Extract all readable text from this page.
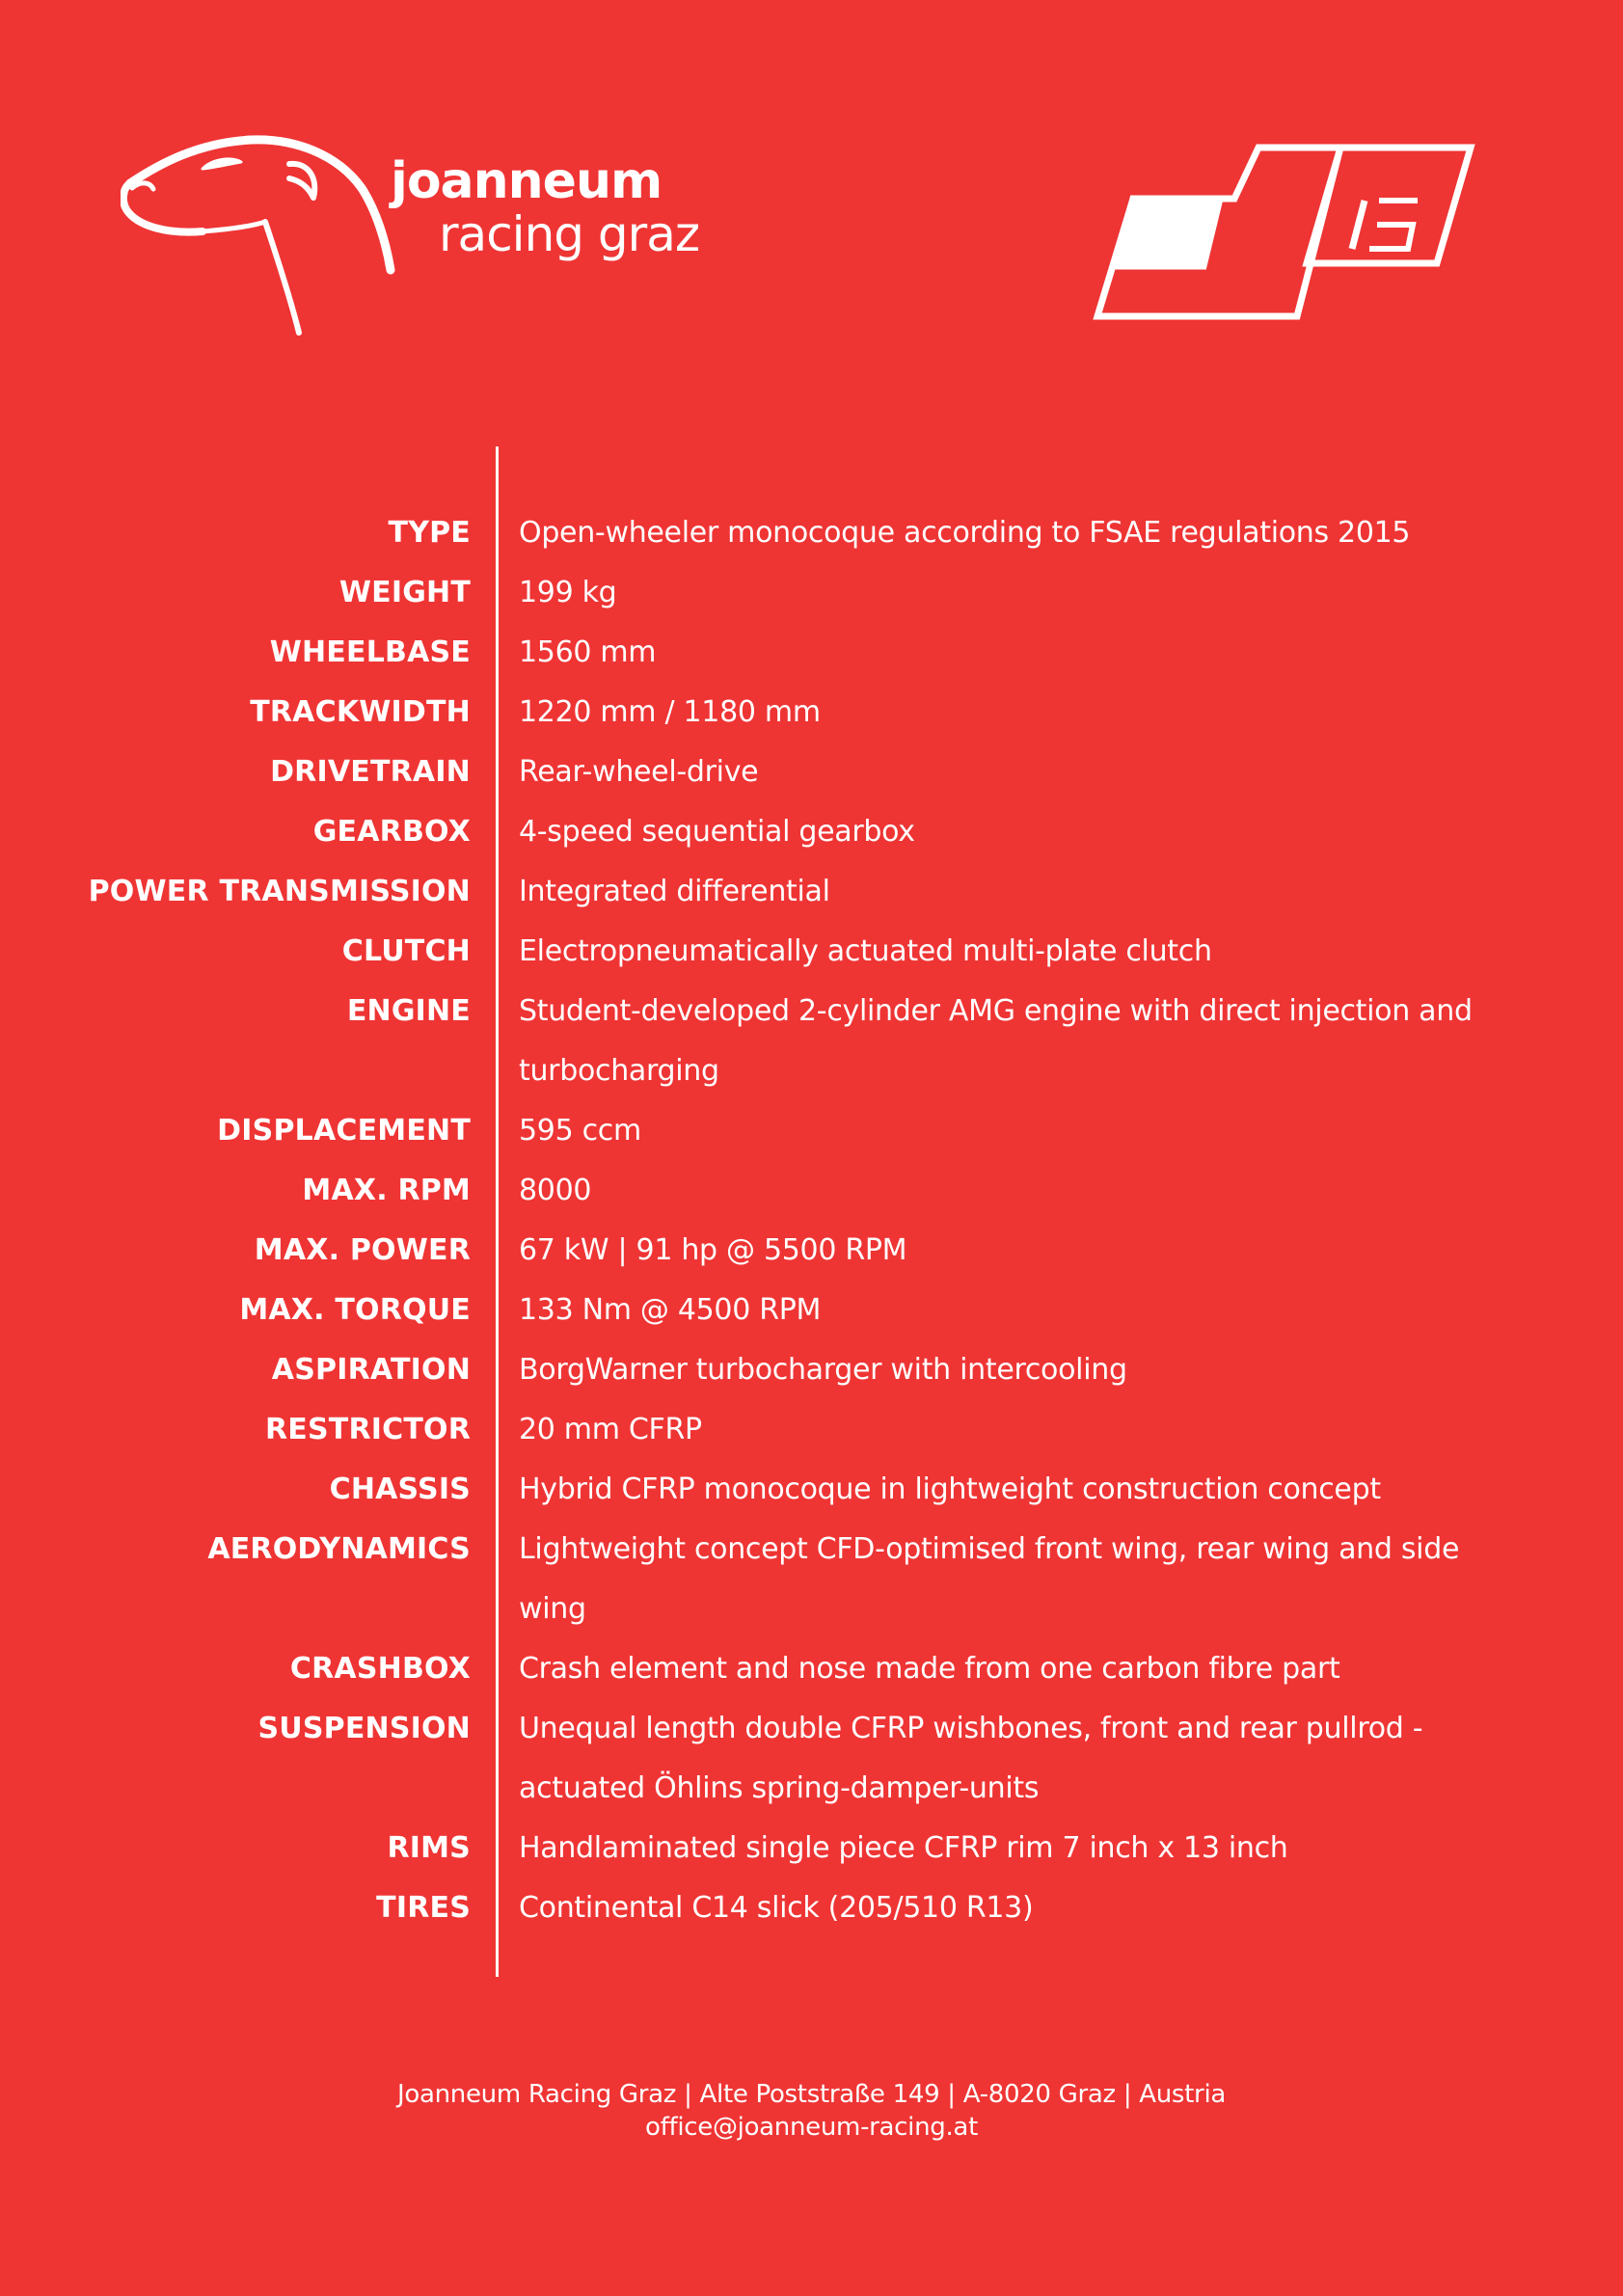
joanneum
racing graz
TYPE Open-wheeler monocoque according to FSAE regulations 2015
WEIGHT 199 kg
WHEELBASE 1560 mm
TRACKWIDTH 1220 mm / 1180 mm
DRIVETRAIN Rear-wheel-drive
GEARBOX 4-speed sequential gearbox
POWER TRANSMISSION Integrated differential
CLUTCH Electropneumatically actuated multi-plate clutch
ENGINE Student-developed 2-cylinder AMG engine with direct injection and turbocharging
DISPLACEMENT 595 ccm
MAX. RPM 8000
MAX. POWER 67 kW | 91 hp @ 5500 RPM
MAX. TORQUE 133 Nm @ 4500 RPM
ASPIRATION BorgWarner turbocharger with intercooling
RESTRICTOR 20 mm CFRP
CHASSIS Hybrid CFRP monocoque in lightweight construction concept
AERODYNAMICS Lightweight concept CFD-optimised front wing, rear wing and side wing
CRASHBOX Crash element and nose made from one carbon fibre part
SUSPENSION Unequal length double CFRP wishbones, front and rear pullrod - actuated Öhlins spring-damper-units
RIMS Handlaminated single piece CFRP rim 7 inch x 13 inch
TIRES Continental C14 slick (205/510 R13)
Joanneum Racing Graz | Alte Poststraße 149 | A-8020 Graz | Austria
office@joanneum-racing.at
